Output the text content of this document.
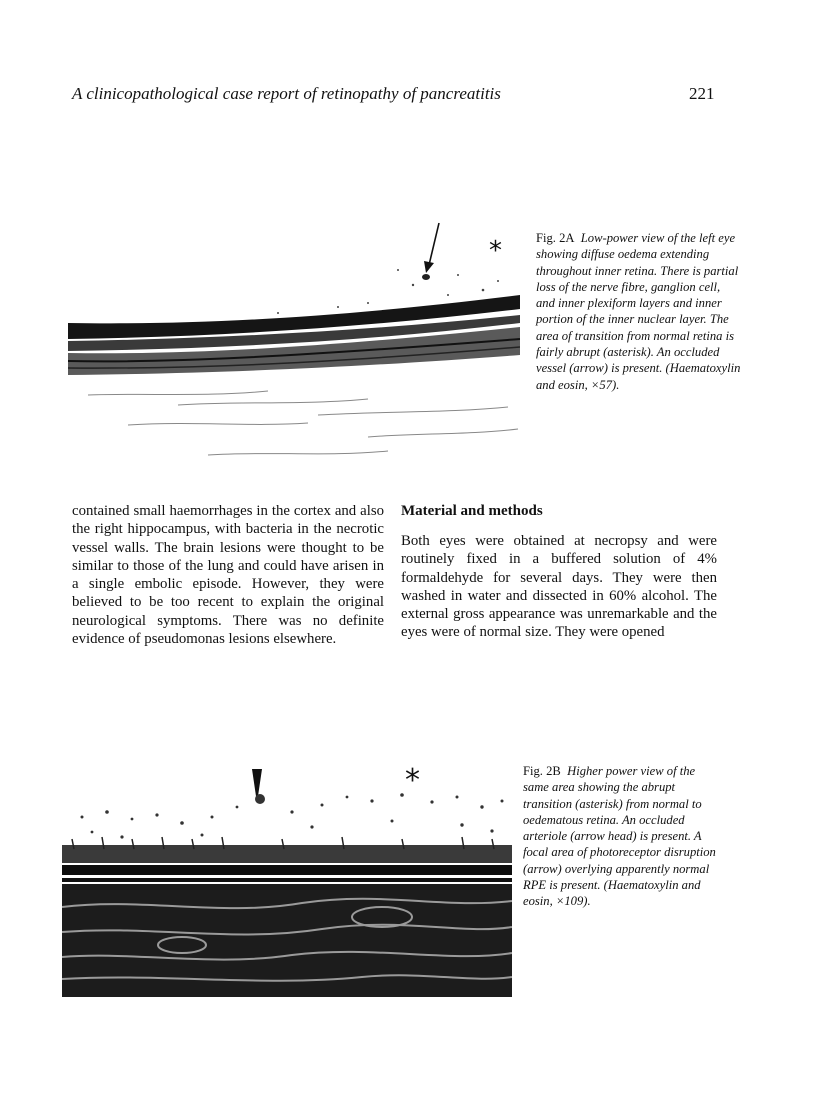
A clinicopathological case report of retinopathy of pancreatitis	221
*	Fig. 2A Low-power view of the left eye showing diffuse oedema extending throughout inner retina. There is partial loss of the nerve fibre, ganglion cell, and inner plexiform layers and inner portion of the inner nuclear layer. The area of transition from normal retina is fairly abrupt (asterisk). An occluded vessel (arrow) is present. (Haematoxylin and eosin, ×57).

contained small haemorrhages in the cortex and also the right hippocampus, with bacteria in the necrotic vessel walls. The brain lesions were thought to be similar to those of the lung and could have arisen in a single embolic episode. However, they were believed to be too recent to explain the original neurological symptoms. There was no definite evidence of pseudomonas lesions elsewhere.

Material and methods

Both eyes were obtained at necropsy and were routinely fixed in a buffered solution of 4% formaldehyde for several days. They were then washed in water and dissected in 60% alcohol. The external gross appearance was unremarkable and the eyes were of normal size. They were opened

*	Fig. 2B Higher power view of the same area showing the abrupt transition (asterisk) from normal to oedematous retina. An occluded arteriole (arrow head) is present. A focal area of photoreceptor disruption (arrow) overlying apparently normal RPE is present. (Haematoxylin and eosin, ×109).
